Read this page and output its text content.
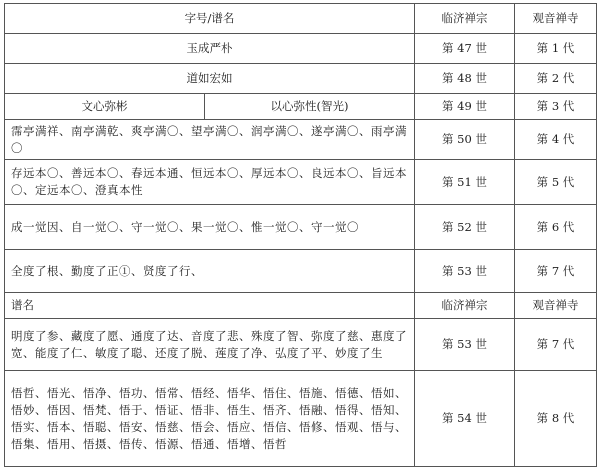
字号/谱名		临济禅宗	观音禅寺
玉成严朴		第 47 世	第 1 代
道如宏如		第 48 世	第 2 代
文心弥彬	以心弥性(智光)	第 49 世	第 3 代
霈亭满祥、南亭满乾、爽亭满〇、望亭满〇、润亭满〇、遂亭满〇、雨亭满〇		第 50 世	第 4 代
存远本〇、善远本〇、春远本通、恒远本〇、厚远本〇、良远本〇、旨远本〇、定远本〇、澄真本性		第 51 世	第 5 代
成一觉因、自一觉〇、守一觉〇、果一觉〇、惟一觉〇、守一觉〇		第 52 世	第 6 代
全度了根、勤度了正①、贤度了行、		第 53 世	第 7 代
谱名		临济禅宗	观音禅寺
明度了参、藏度了愿、通度了达、音度了悲、殊度了智、弥度了慈、惠度了宽、能度了仁、敏度了聪、还度了脱、莲度了净、弘度了平、妙度了生		第 53 世	第 7 代
悟哲、悟光、悟净、悟功、悟常、悟经、悟华、悟住、悟施、悟德、悟如、悟妙、悟因、悟梵、悟于、悟证、悟非、悟生、悟齐、悟融、悟得、悟知、悟实、悟本、悟聪、悟安、悟慈、悟会、悟应、悟信、悟修、悟观、悟与、悟集、悟用、悟摄、悟传、悟源、悟通、悟增、悟哲		第 54 世	第 8 代
